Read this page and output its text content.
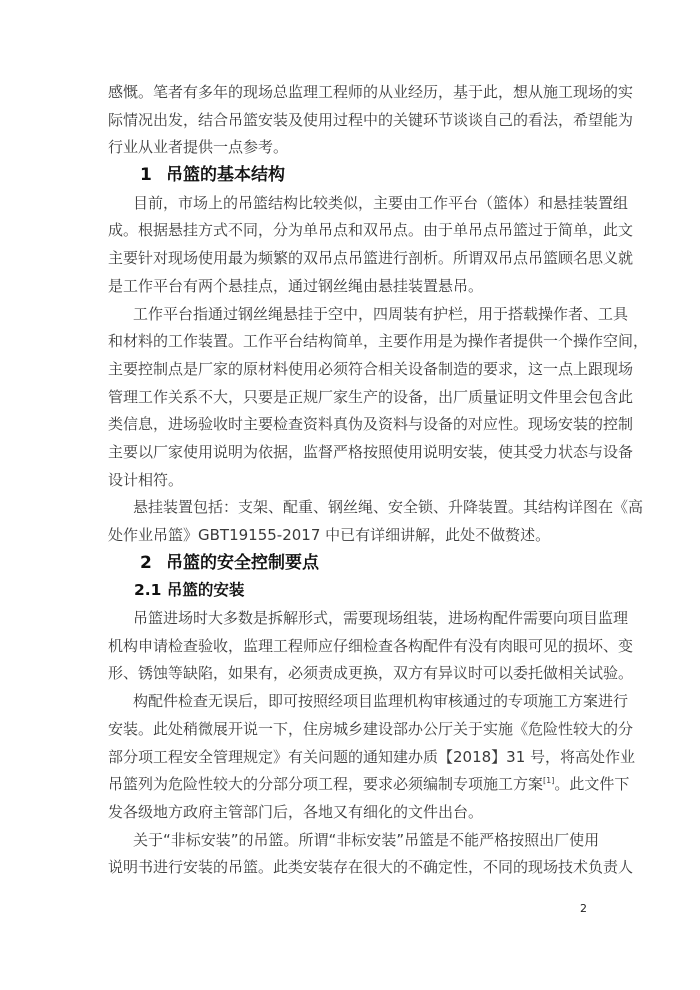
感慨。笔者有多年的现场总监理工程师的从业经历，基于此，想从施工现场的实
际情况出发，结合吊篮安装及使用过程中的关键环节谈谈自己的看法，希望能为
行业从业者提供一点参考。
1 吊篮的基本结构
目前，市场上的吊篮结构比较类似，主要由工作平台（篮体）和悬挂装置组
成。根据悬挂方式不同，分为单吊点和双吊点。由于单吊点吊篮过于简单，此文
主要针对现场使用最为频繁的双吊点吊篮进行剖析。所谓双吊点吊篮顾名思义就
是工作平台有两个悬挂点，通过钢丝绳由悬挂装置悬吊。
工作平台指通过钢丝绳悬挂于空中，四周装有护栏，用于搭载操作者、工具
和材料的工作装置。工作平台结构简单，主要作用是为操作者提供一个操作空间，
主要控制点是厂家的原材料使用必须符合相关设备制造的要求，这一点上跟现场
管理工作关系不大，只要是正规厂家生产的设备，出厂质量证明文件里会包含此
类信息，进场验收时主要检查资料真伪及资料与设备的对应性。现场安装的控制
主要以厂家使用说明为依据，监督严格按照使用说明安装，使其受力状态与设备
设计相符。
悬挂装置包括：支架、配重、钢丝绳、安全锁、升降装置。其结构详图在《高
处作业吊篮》GBT19155-2017 中已有详细讲解，此处不做赘述。
2 吊篮的安全控制要点
2.1 吊篮的安装
吊篮进场时大多数是拆解形式，需要现场组装，进场构配件需要向项目监理
机构申请检查验收，监理工程师应仔细检查各构配件有没有肉眼可见的损坏、变
形、锈蚀等缺陷，如果有，必须责成更换，双方有异议时可以委托做相关试验。
构配件检查无误后，即可按照经项目监理机构审核通过的专项施工方案进行
安装。此处稍微展开说一下，住房城乡建设部办公厅关于实施《危险性较大的分
部分项工程安全管理规定》有关问题的通知建办质【2018】31 号，将高处作业
吊篮列为危险性较大的分部分项工程，要求必须编制专项施工方案[1]。此文件下
发各级地方政府主管部门后，各地又有细化的文件出台。
关于“非标安装”的吊篮。所谓“非标安装”吊篮是不能严格按照出厂使用
说明书进行安装的吊篮。此类安装存在很大的不确定性，不同的现场技术负责人
2
